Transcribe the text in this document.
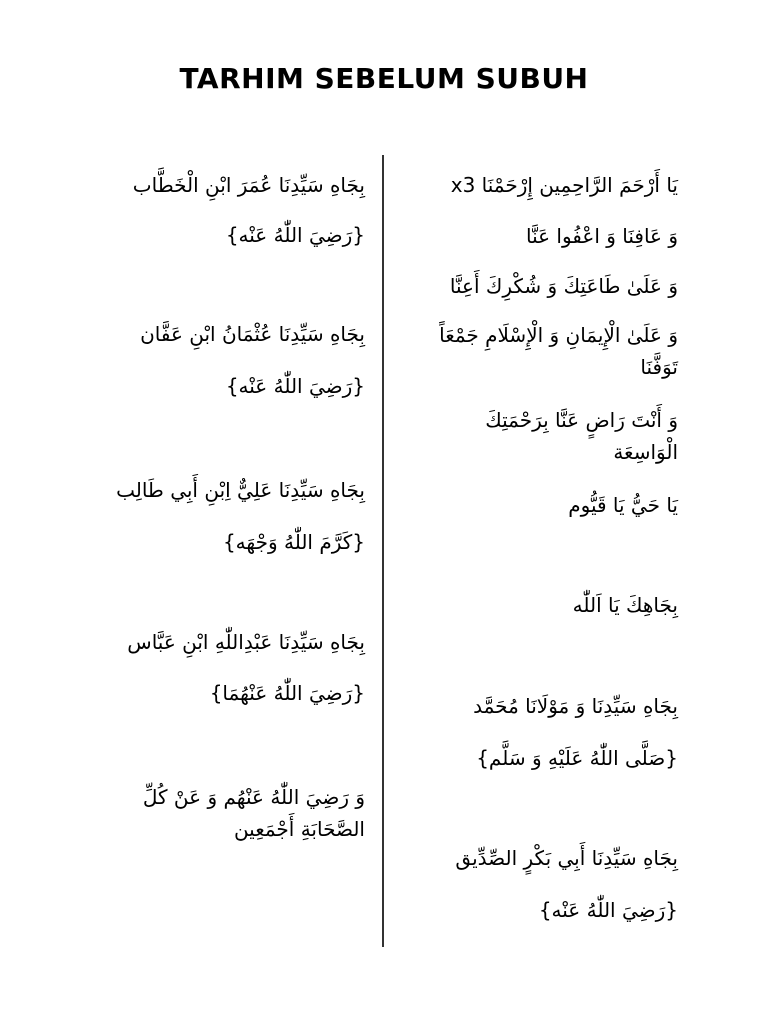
TARHIM SEBELUM SUBUH
يَا أَرْحَمَ الرَّاحِمِين إِرْحَمْنَا x3
وَ عَافِنَا وَ اعْفُوا عَنَّا
وَ عَلَىٰ طَاعَتِكَ وَ شُكْرِكَ أَعِنَّا
وَ عَلَىٰ الْإِيمَانِ وَ الْإِسْلَامِ جَمْعَاً تَوَفَّنَا
وَ أَنْتَ رَاضٍ عَنَّا بِرَحْمَتِكَ الْوَاسِعَة
يَا حَيُّ يَا قَيُّوم
بِجَاهِكَ يَا اَللّٰه
بِجَاهِ سَيِّدِنَا وَ مَوْلَانَا مُحَمَّد
{صَلَّى اللّٰهُ عَلَيْهِ وَ سَلَّم}
بِجَاهِ سَيِّدِنَا أَبِي بَكْرٍ الصِّدِّيق
{رَضِيَ اللّٰهُ عَنْه}
بِجَاهِ سَيِّدِنَا عُمَرَ ابْنِ الْخَطَّاب
{رَضِيَ اللّٰهُ عَنْه}
بِجَاهِ سَيِّدِنَا عُثْمَانُ ابْنِ عَفَّان
{رَضِيَ اللّٰهُ عَنْه}
بِجَاهِ سَيِّدِنَا عَلِيٌّ اِبْنِ أَبِي طَالِب
{كَرَّمَ اللّٰهُ وَجْهَه}
بِجَاهِ سَيِّدِنَا عَبْدِاللّٰهِ ابْنِ عَبَّاس
{رَضِيَ اللّٰهُ عَنْهُمَا}
وَ رَضِيَ اللّٰهُ عَنْهُم وَ عَنْ كُلِّ الصَّحَابَةِ أَجْمَعِين
